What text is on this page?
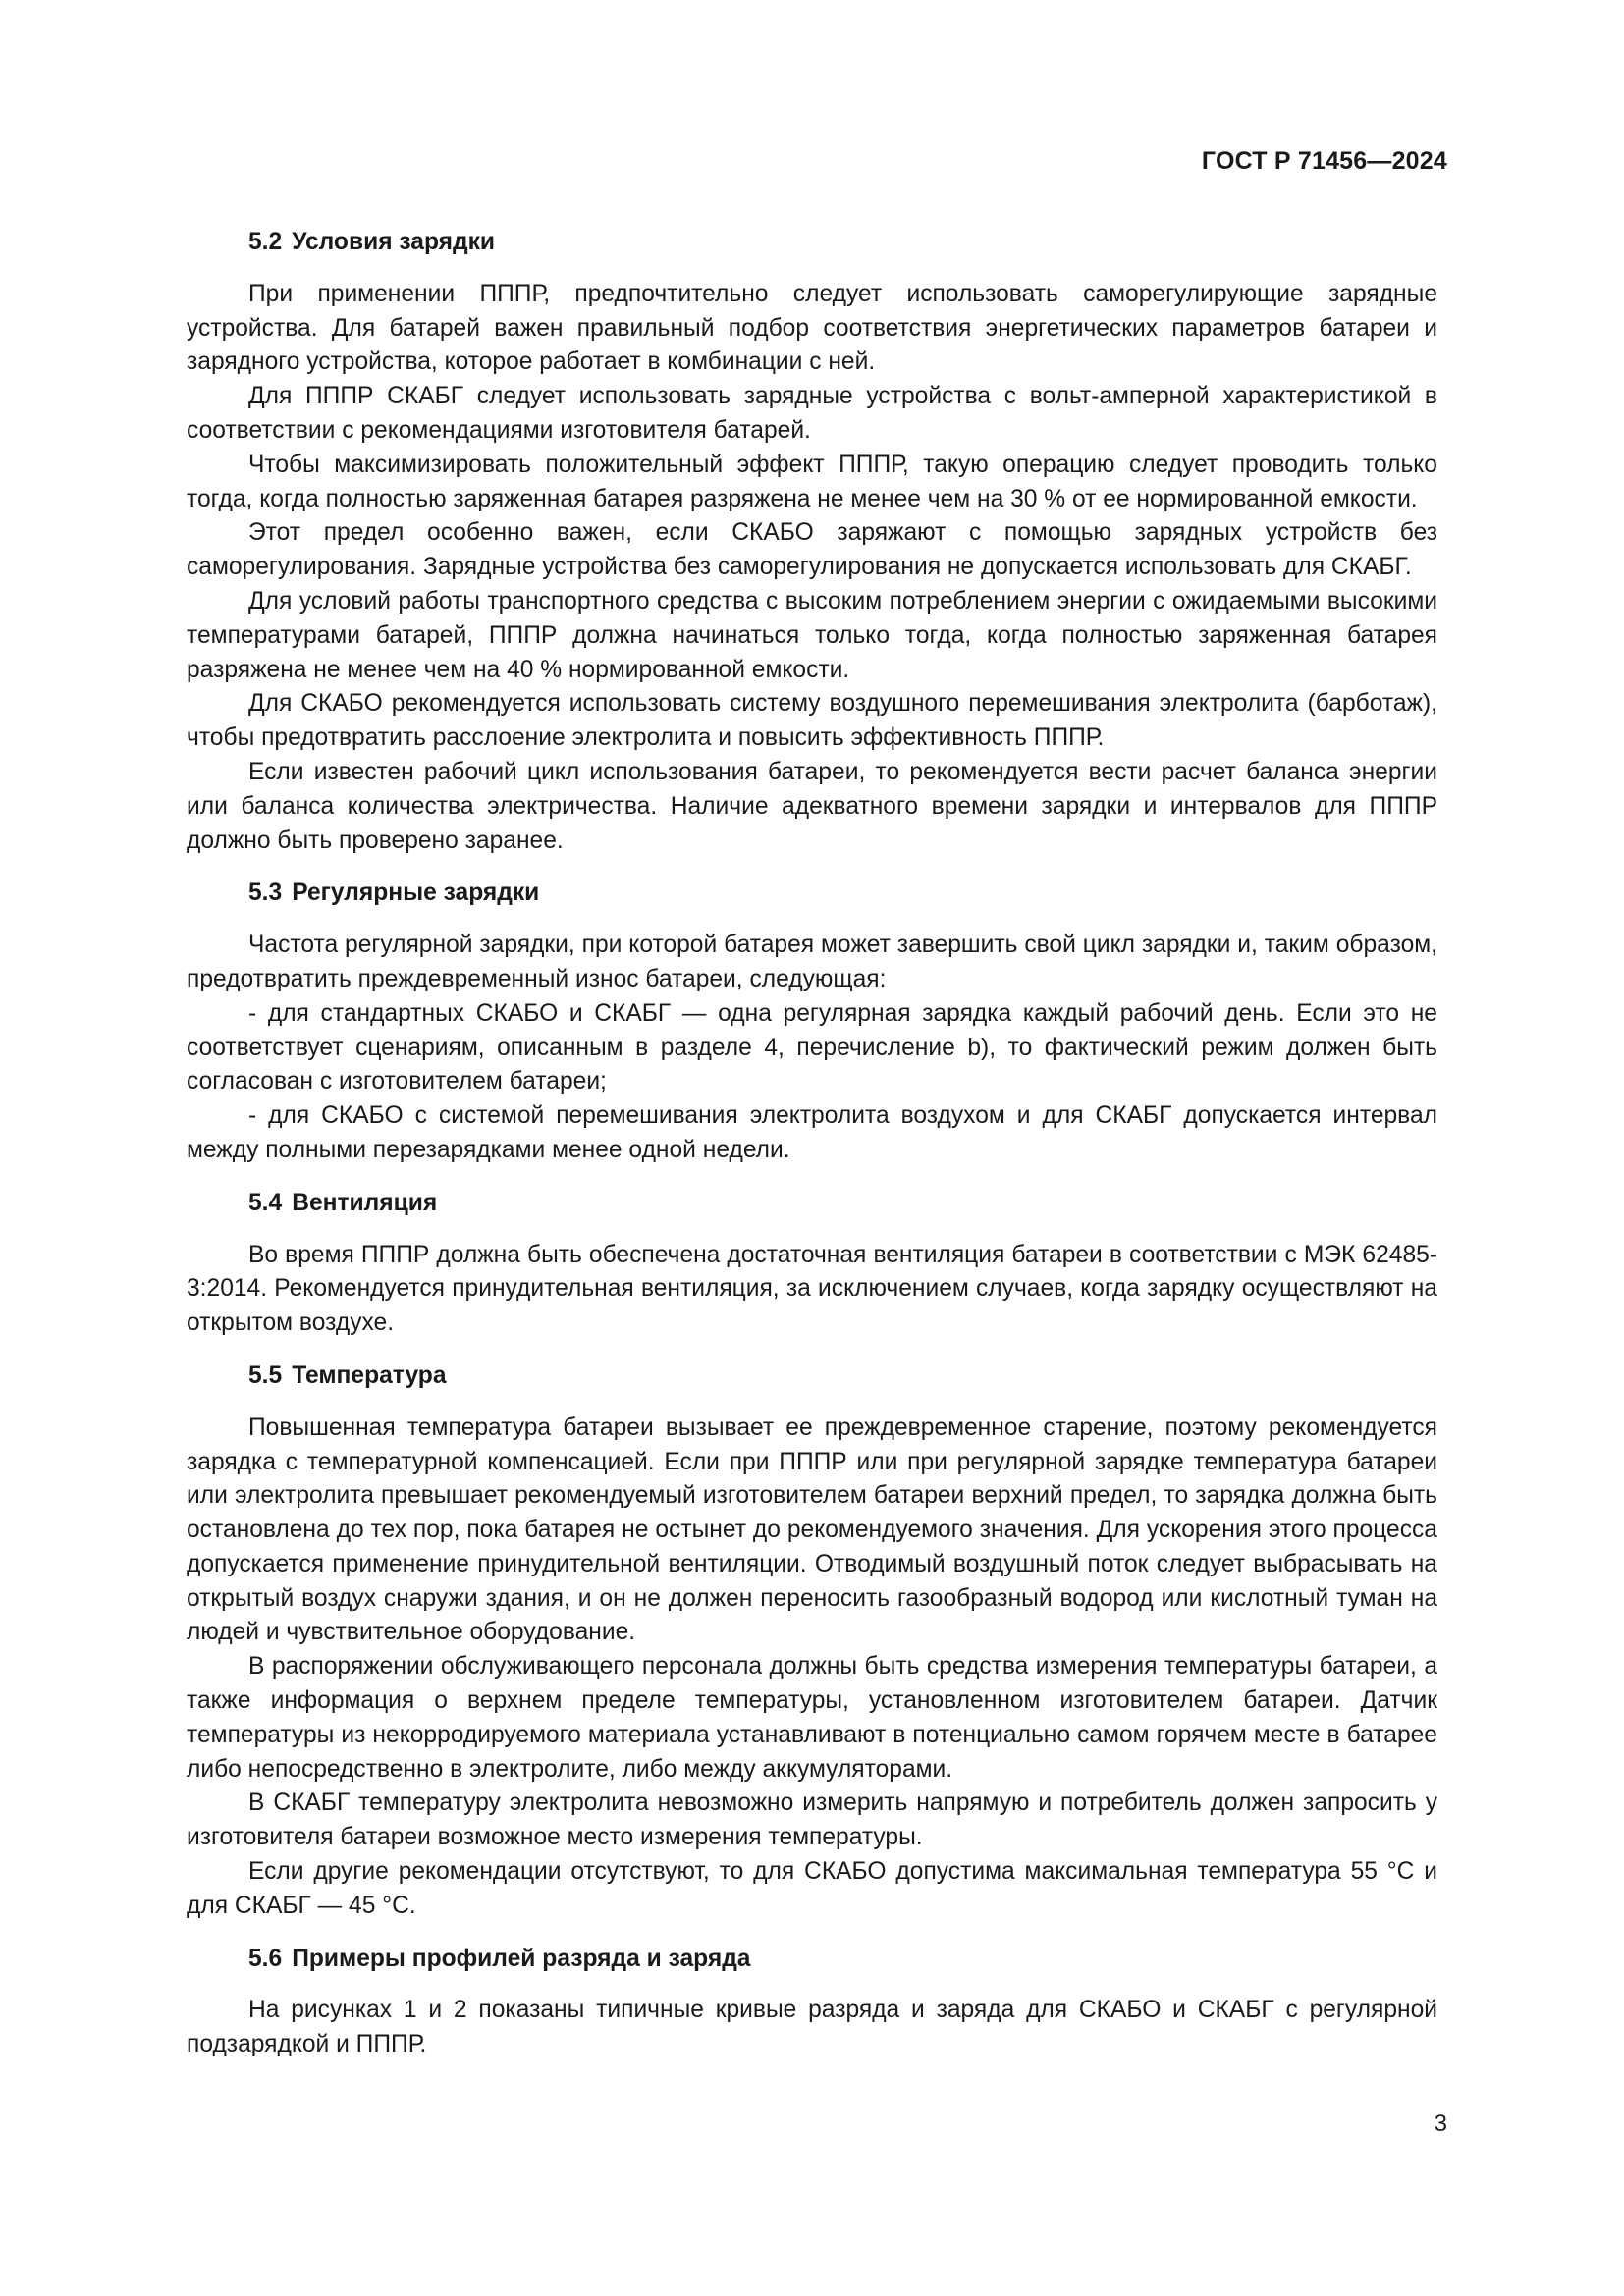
ГОСТ Р 71456—2024
5.2 Условия зарядки

При применении ПППР, предпочтительно следует использовать саморегулирующие зарядные устройства. Для батарей важен правильный подбор соответствия энергетических параметров батареи и зарядного устройства, которое работает в комбинации с ней.

Для ПППР СКАБГ следует использовать зарядные устройства с вольт-амперной характеристикой в соответствии с рекомендациями изготовителя батарей.

Чтобы максимизировать положительный эффект ПППР, такую операцию следует проводить только тогда, когда полностью заряженная батарея разряжена не менее чем на 30 % от ее нормированной емкости.

Этот предел особенно важен, если СКАБО заряжают с помощью зарядных устройств без саморегулирования. Зарядные устройства без саморегулирования не допускается использовать для СКАБГ.

Для условий работы транспортного средства с высоким потреблением энергии с ожидаемыми высокими температурами батарей, ПППР должна начинаться только тогда, когда полностью заряженная батарея разряжена не менее чем на 40 % нормированной емкости.

Для СКАБО рекомендуется использовать систему воздушного перемешивания электролита (барботаж), чтобы предотвратить расслоение электролита и повысить эффективность ПППР.

Если известен рабочий цикл использования батареи, то рекомендуется вести расчет баланса энергии или баланса количества электричества. Наличие адекватного времени зарядки и интервалов для ПППР должно быть проверено заранее.

5.3 Регулярные зарядки

Частота регулярной зарядки, при которой батарея может завершить свой цикл зарядки и, таким образом, предотвратить преждевременный износ батареи, следующая:

- для стандартных СКАБО и СКАБГ — одна регулярная зарядка каждый рабочий день. Если это не соответствует сценариям, описанным в разделе 4, перечисление b), то фактический режим должен быть согласован с изготовителем батареи;

- для СКАБО с системой перемешивания электролита воздухом и для СКАБГ допускается интервал между полными перезарядками менее одной недели.

5.4 Вентиляция

Во время ПППР должна быть обеспечена достаточная вентиляция батареи в соответствии с МЭК 62485-3:2014. Рекомендуется принудительная вентиляция, за исключением случаев, когда зарядку осуществляют на открытом воздухе.

5.5 Температура

Повышенная температура батареи вызывает ее преждевременное старение, поэтому рекомендуется зарядка с температурной компенсацией. Если при ПППР или при регулярной зарядке температура батареи или электролита превышает рекомендуемый изготовителем батареи верхний предел, то зарядка должна быть остановлена до тех пор, пока батарея не остынет до рекомендуемого значения. Для ускорения этого процесса допускается применение принудительной вентиляции. Отводимый воздушный поток следует выбрасывать на открытый воздух снаружи здания, и он не должен переносить газообразный водород или кислотный туман на людей и чувствительное оборудование.

В распоряжении обслуживающего персонала должны быть средства измерения температуры батареи, а также информация о верхнем пределе температуры, установленном изготовителем батареи. Датчик температуры из некорродируемого материала устанавливают в потенциально самом горячем месте в батарее либо непосредственно в электролите, либо между аккумуляторами.

В СКАБГ температуру электролита невозможно измерить напрямую и потребитель должен запросить у изготовителя батареи возможное место измерения температуры.

Если другие рекомендации отсутствуют, то для СКАБО допустима максимальная температура 55 °С и для СКАБГ — 45 °С.

5.6 Примеры профилей разряда и заряда

На рисунках 1 и 2 показаны типичные кривые разряда и заряда для СКАБО и СКАБГ с регулярной подзарядкой и ПППР.

3
